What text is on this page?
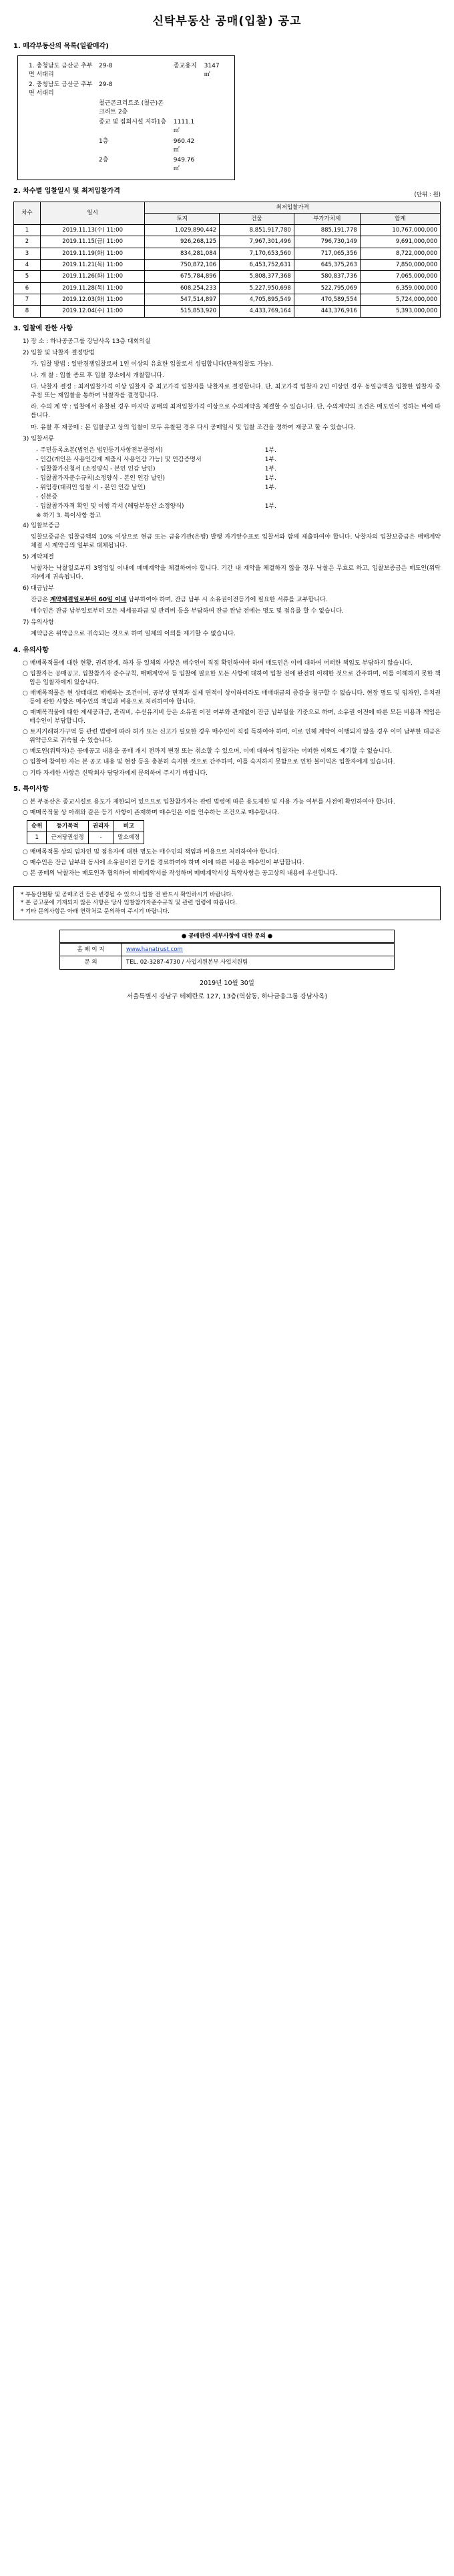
신탁부동산 공매(입찰) 공고
1. 매각부동산의 목록(일괄매각)
1. 충청남도 금산군 추부면 서대리	29-8	종교용지	3147㎡
2. 충청남도 금산군 추부면 서대리	29-8		
	철근콘크리트조 (철근)콘크리트 2층		
	종교 및 집회시설 지하1층	1111.1㎡	
	1층	960.42㎡	
	2층	949.76㎡	
2. 차수별 입찰일시 및 최저입찰가격
(단위 : 원)
차수	일시	최저입찰가격			
		토지	건물	부가가치세	합계
1	2019.11.13(수) 11:00	1,029,890,442	8,851,917,780	885,191,778	10,767,000,000
2	2019.11.15(금) 11:00	926,268,125	7,967,301,496	796,730,149	9,691,000,000
3	2019.11.19(화) 11:00	834,281,084	7,170,653,560	717,065,356	8,722,000,000
4	2019.11.21(목) 11:00	750,872,106	6,453,752,631	645,375,263	7,850,000,000
5	2019.11.26(화) 11:00	675,784,896	5,808,377,368	580,837,736	7,065,000,000
6	2019.11.28(목) 11:00	608,254,233	5,227,950,698	522,795,069	6,359,000,000
7	2019.12.03(화) 11:00	547,514,897	4,705,895,549	470,589,554	5,724,000,000
8	2019.12.04(수) 11:00	515,853,920	4,433,769,164	443,376,916	5,393,000,000
3. 입찰에 관한 사항
1) 장 소 : 하나공공그룹 강남사옥 13층 대회의실
2) 입찰 및 낙찰자 결정방법
가. 입찰 방법 : 일반경쟁입찰로써 1인 이상의 유효한 입찰로서 성립합니다(단독입찰도 가능).
나. 개 찰 : 입찰 종료 후 입찰 장소에서 개찰합니다.
다. 낙찰자 결정 : 최저입찰가격 이상 입찰자 중 최고가격 입찰자를 낙찰자로 결정합니다. 단, 최고가격 입찰자 2인 이상인 경우 동일금액을 입찰한 입찰자 중 추첨 또는 재입찰을 통하여 낙찰자를 결정합니다.
라. 수의 계 약 : 입찰에서 유찰된 경우 마지막 공매의 최저입찰가격 이상으로 수의계약을 체결할 수 있습니다. 단, 수의계약의 조건은 매도인이 정하는 바에 따릅니다.
마. 유찰 후 재공매 : 본 입찰공고 상의 입찰이 모두 유찰된 경우 다시 공매일시 및 입찰 조건을 정하여 재공고 할 수 있습니다.
3) 입찰서류
- 주민등록초본(법인은 법인등기사항전부증명서)	1부.
- 인감(개인은 사용인감계 제출시 사용인감 가능) 및 인감증명서	1부.
- 입찰참가신청서 (소정양식 - 본인 인감 날인)	1부.
- 입찰참가자준수규칙(소정양식 - 본인 인감 날인)	1부.
- 위임장(대리인 입찰 시 - 본인 인감 날인)	1부.
- 신분증
- 입찰참가자격 확인 및 이행 각서 (해당부동산 소정양식)	1부.
※ 하기 3. 특이사항 참고
4) 입찰보증금
입찰보증금은 입찰금액의 10% 이상으로 현금 또는 금융기관(은행) 발행 자기앞수표로 입찰서와 함께 제출하여야 합니다. 낙찰자의 입찰보증금은 매매계약 체결 시 계약금의 일부로 대체됩니다.
5) 계약체결
낙찰자는 낙찰일로부터 3영업일 이내에 매매계약을 체결하여야 합니다. 기간 내 계약을 체결하지 않을 경우 낙찰은 무효로 하고, 입찰보증금은 매도인(위탁자)에게 귀속됩니다.
6) 대금납부
잔금은 계약체결일로부터 60일 이내 납부하여야 하며, 잔금 납부 시 소유권이전등기에 필요한 서류를 교부합니다.
매수인은 잔금 납부일로부터 모든 제세공과금 및 관리비 등을 부담하며 잔금 완납 전에는 명도 및 점유를 할 수 없습니다.
7) 유의사항
계약금은 위약금으로 귀속되는 것으로 하며 일체의 이의를 제기할 수 없습니다.
4. 유의사항
○ 매매목적물에 대한 현황, 권리관계, 하자 등 일체의 사항은 매수인이 직접 확인하여야 하며 매도인은 이에 대하여 어떠한 책임도 부담하지 않습니다.
○ 입찰자는 공매공고, 입찰참가자 준수규칙, 매매계약서 등 입찰에 필요한 모든 사항에 대하여 입찰 전에 완전히 이해한 것으로 간주하며, 이를 이해하지 못한 책임은 입찰자에게 있습니다.
○ 매매목적물은 현 상태대로 매매하는 조건이며, 공부상 면적과 실제 면적이 상이하더라도 매매대금의 증감을 청구할 수 없습니다. 현장 명도 및 임차인, 유치권 등에 관한 사항은 매수인의 책임과 비용으로 처리하여야 합니다.
○ 매매목적물에 대한 제세공과금, 관리비, 수선유지비 등은 소유권 이전 여부와 관계없이 잔금 납부일을 기준으로 하며, 소유권 이전에 따른 모든 비용과 책임은 매수인이 부담합니다.
○ 토지거래허가구역 등 관련 법령에 따라 허가 또는 신고가 필요한 경우 매수인이 직접 득하여야 하며, 이로 인해 계약이 이행되지 않을 경우 이미 납부한 대금은 위약금으로 귀속될 수 있습니다.
○ 매도인(위탁자)은 공매공고 내용을 공매 개시 전까지 변경 또는 취소할 수 있으며, 이에 대하여 입찰자는 어떠한 이의도 제기할 수 없습니다.
○ 입찰에 참여한 자는 본 공고 내용 및 현장 등을 충분히 숙지한 것으로 간주하며, 이를 숙지하지 못함으로 인한 불이익은 입찰자에게 있습니다.
○ 기타 자세한 사항은 신탁회사 담당자에게 문의하여 주시기 바랍니다.
5. 특이사항
○ 본 부동산은 종교시설로 용도가 제한되어 있으므로 입찰참가자는 관련 법령에 따른 용도제한 및 사용 가능 여부를 사전에 확인하여야 합니다.
○ 매매목적물 상 아래와 같은 등기 사항이 존재하며 매수인은 이를 인수하는 조건으로 매수합니다.
순위	등기목적	권리자	비고
1	근저당권설정	-	말소예정
○ 매매목적물 상의 임차인 및 점유자에 대한 명도는 매수인의 책임과 비용으로 처리하여야 합니다.
○ 매수인은 잔금 납부와 동시에 소유권이전 등기를 경료하여야 하며 이에 따른 비용은 매수인이 부담합니다.
○ 본 공매의 낙찰자는 매도인과 협의하여 매매계약서를 작성하며 매매계약서상 특약사항은 공고상의 내용에 우선합니다.
* 부동산현황 및 공매조건 등은 변경될 수 있으니 입찰 전 반드시 확인하시기 바랍니다.
* 본 공고문에 기재되지 않은 사항은 당사 입찰참가자준수규칙 및 관련 법령에 따릅니다.
* 기타 문의사항은 아래 연락처로 문의하여 주시기 바랍니다.
● 공매관련 세부사항에 대한 문의 ●
홈 페 이 지	www.hanatrust.com
문 의	TEL. 02-3287-4730 / 사업지원본부 사업지원팀
2019년 10월 30일
서울특별시 강남구 테헤란로 127, 13층(역삼동, 하나금융그룹 강남사옥)
